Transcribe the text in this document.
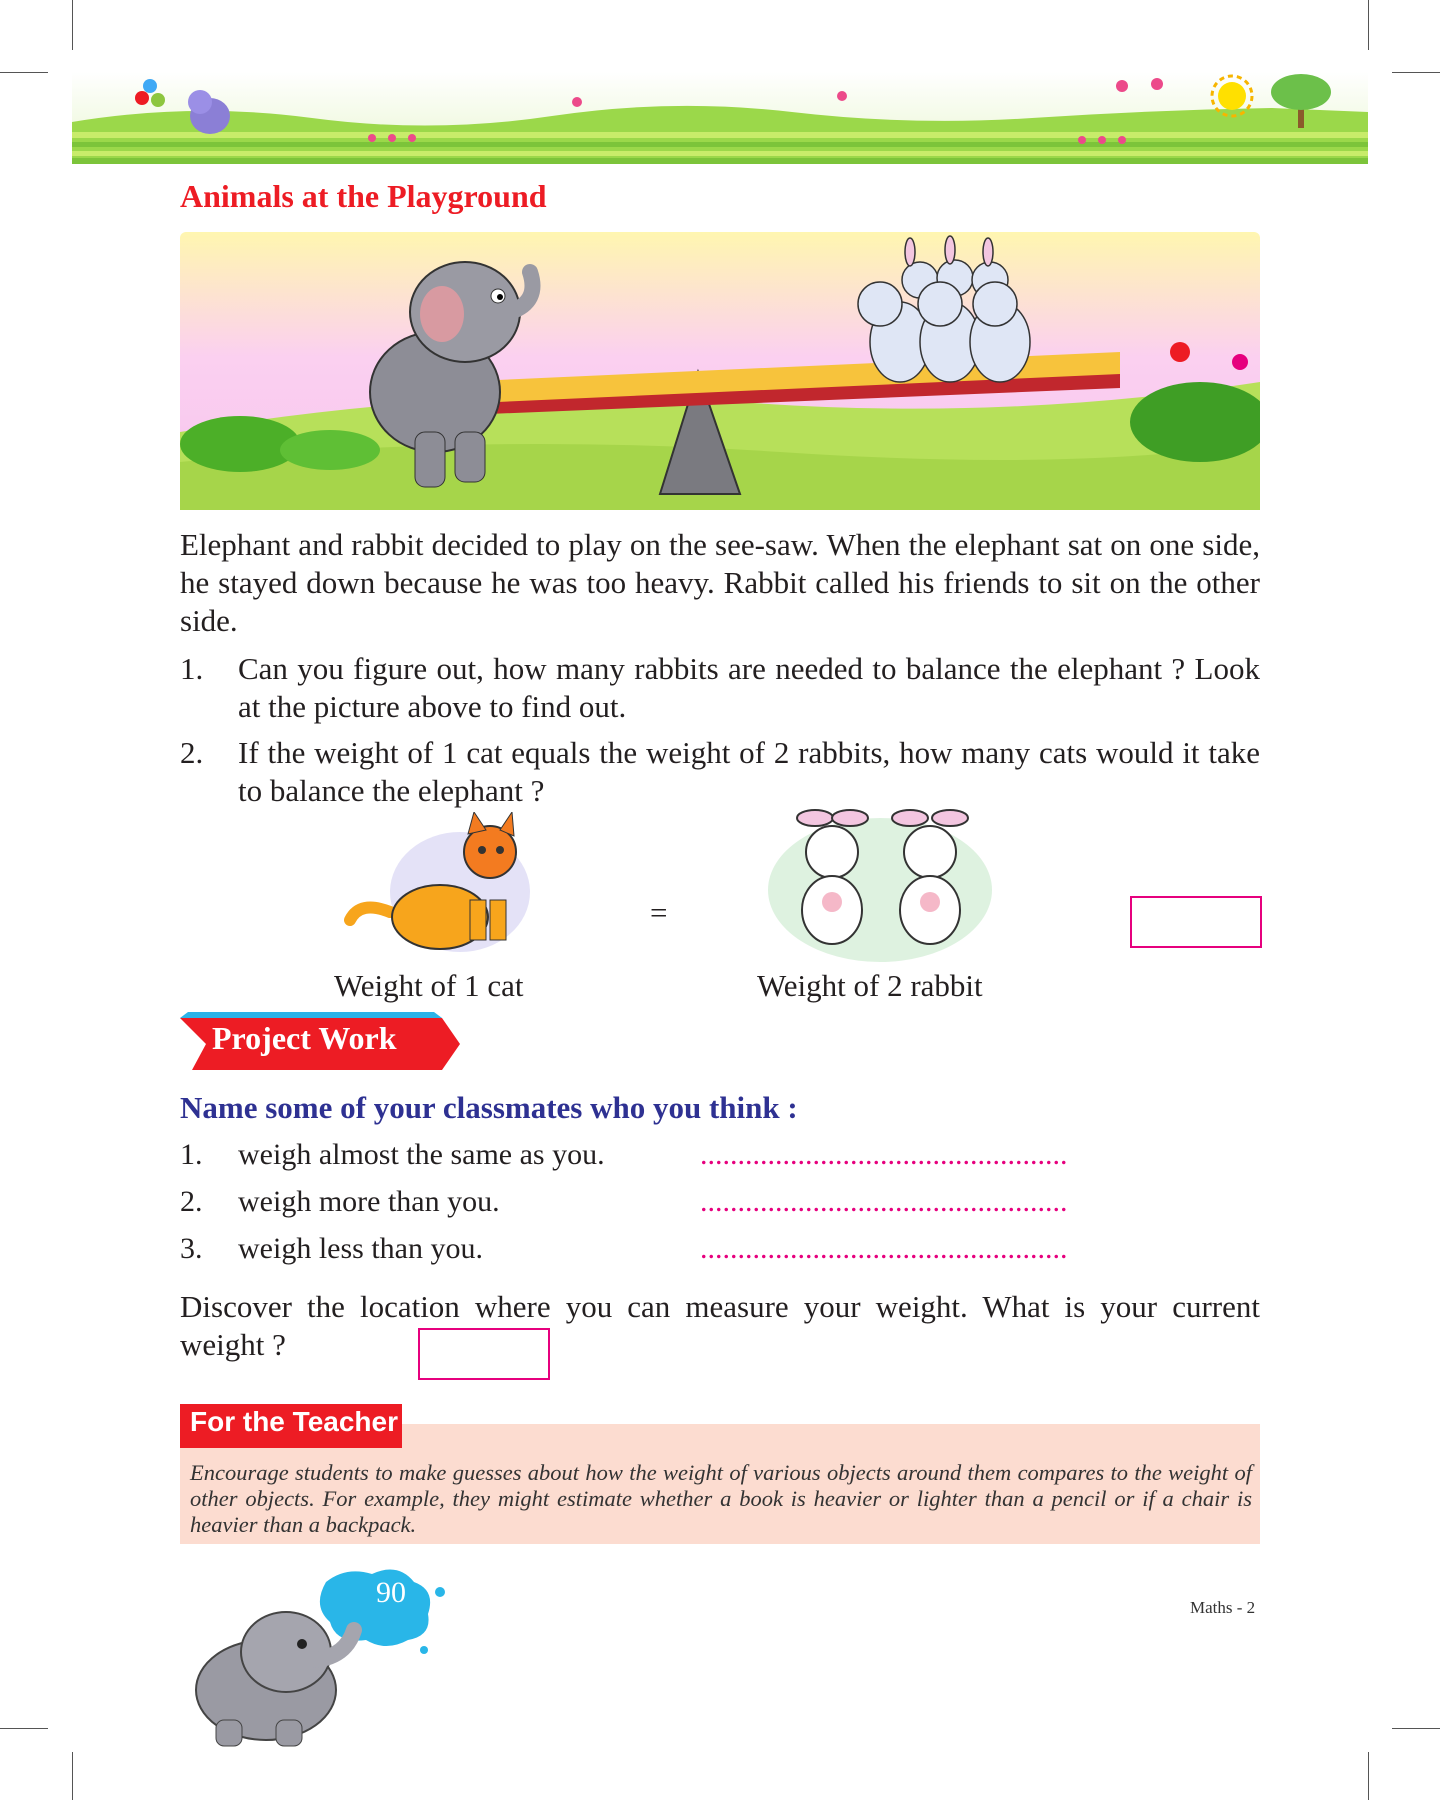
Animals at the Playground
Elephant and rabbit decided to play on the see-saw. When the elephant sat on one side, he stayed down because he was too heavy. Rabbit called his friends to sit on the other side.
1. Can you figure out, how many rabbits are needed to balance the elephant ? Look at the picture above to find out.
2. If the weight of 1 cat equals the weight of 2 rabbits, how many cats would it take to balance the elephant ?
=
Weight of 1 cat	Weight of 2 rabbit
Project Work
Name some of your classmates who you think :
1. weigh almost the same as you.	.................................................
2. weigh more than you.	.................................................
3. weigh less than you.	.................................................
Discover the location where you can measure your weight. What is your current weight ?
For the Teacher
Encourage students to make guesses about how the weight of various objects around them compares to the weight of other objects. For example, they might estimate whether a book is heavier or lighter than a pencil or if a chair is heavier than a backpack.
90	Maths - 2
